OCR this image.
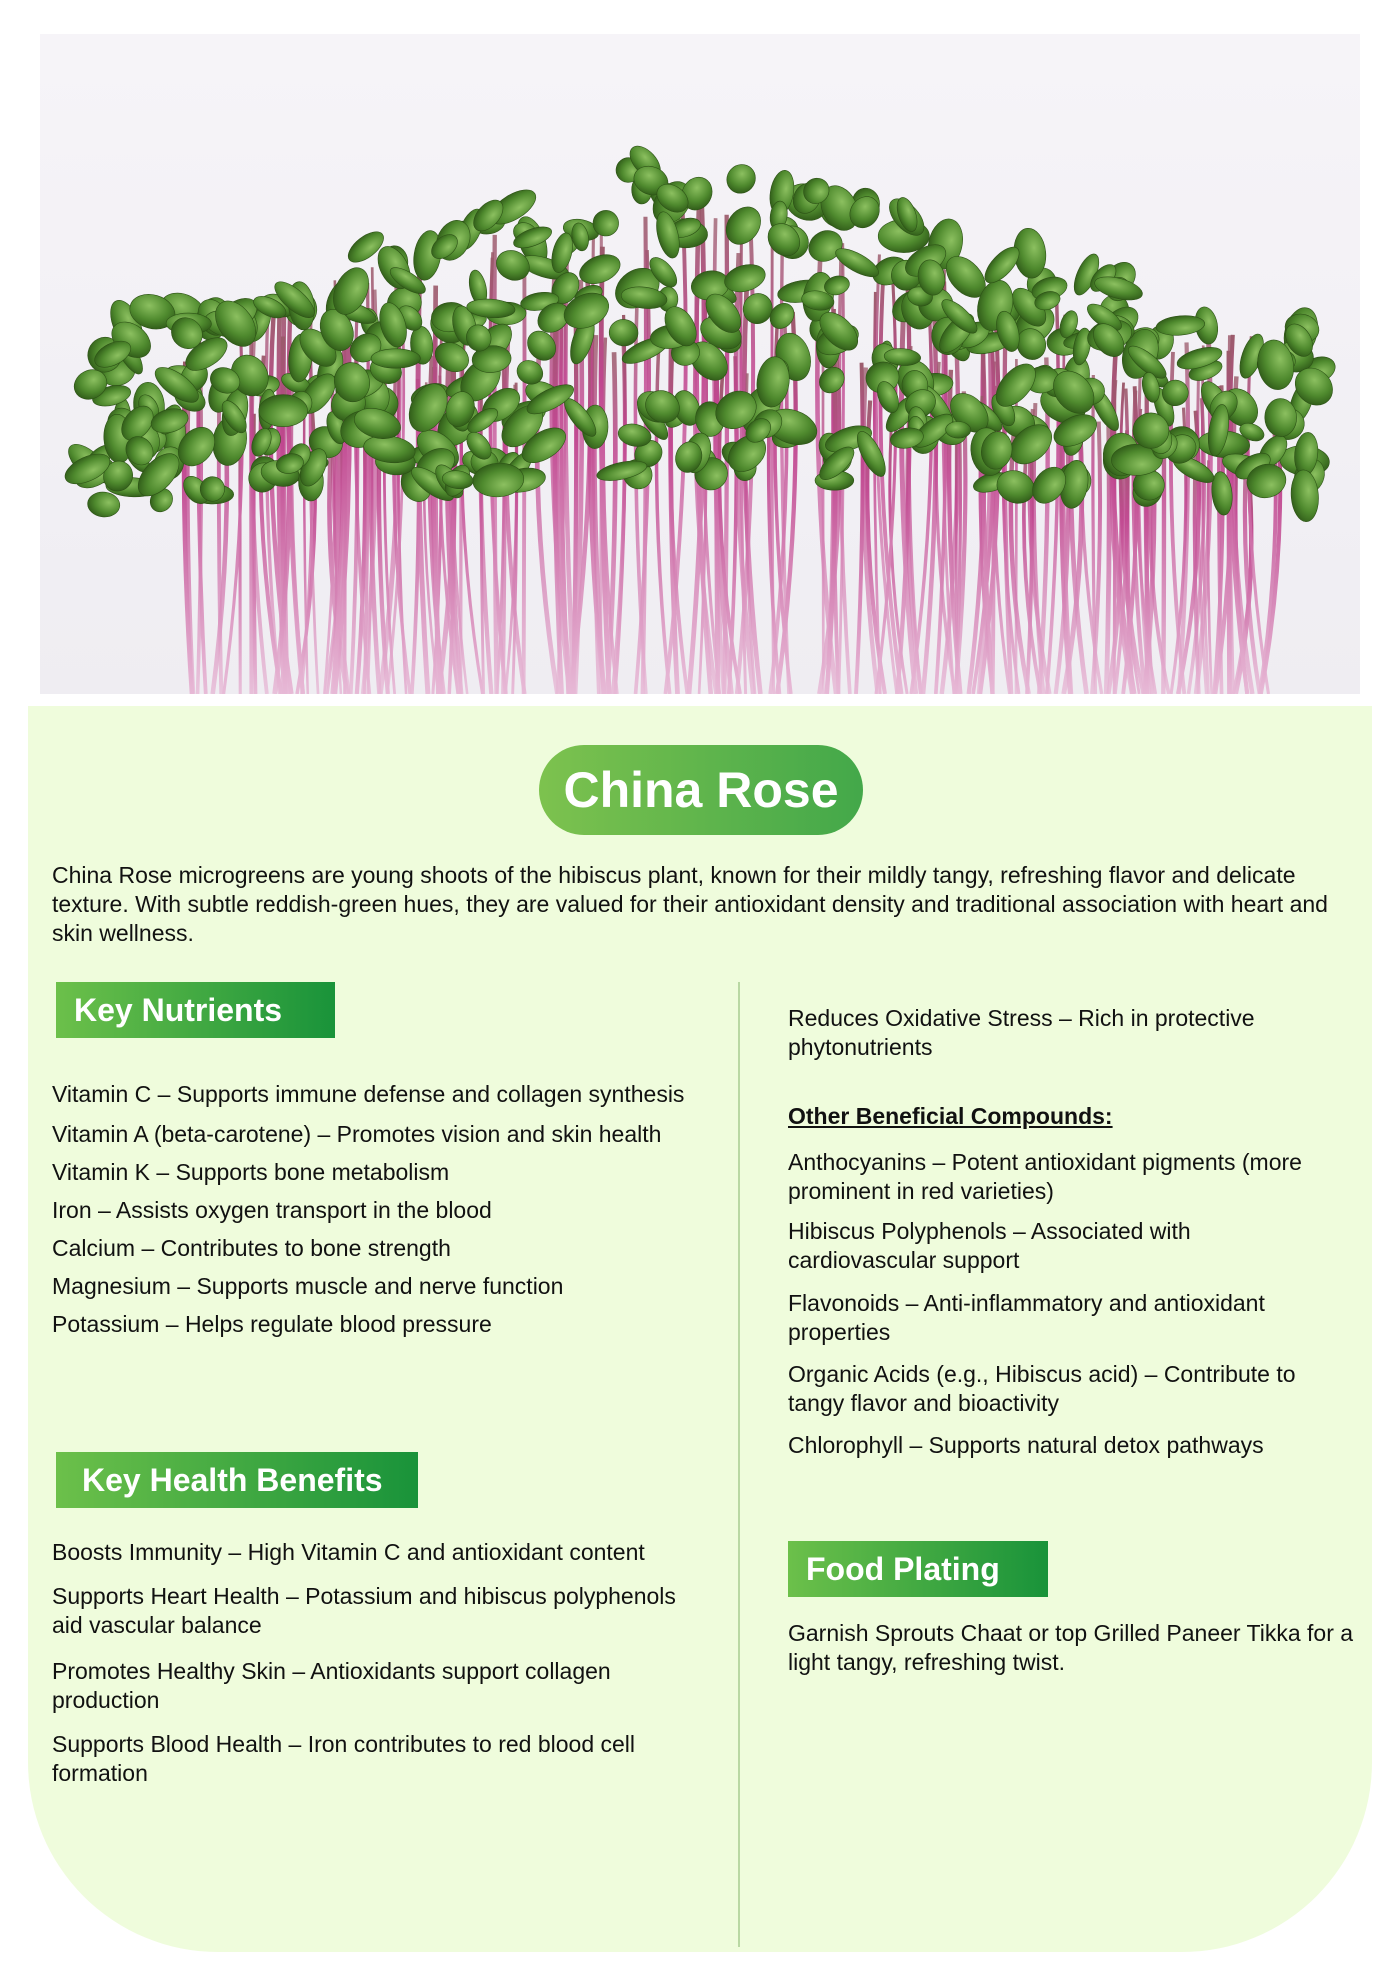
China Rose

China Rose microgreens are young shoots of the hibiscus plant, known for their mildly tangy, refreshing flavor and delicate texture. With subtle reddish-green hues, they are valued for their antioxidant density and traditional association with heart and skin wellness.

Key Nutrients
Vitamin C – Supports immune defense and collagen synthesis
Vitamin A (beta-carotene) – Promotes vision and skin health
Vitamin K – Supports bone metabolism
Iron – Assists oxygen transport in the blood
Calcium – Contributes to bone strength
Magnesium – Supports muscle and nerve function
Potassium – Helps regulate blood pressure
Key Health Benefits
Boosts Immunity – High Vitamin C and antioxidant content
Supports Heart Health – Potassium and hibiscus polyphenols aid vascular balance
Promotes Healthy Skin – Antioxidants support collagen production
Supports Blood Health – Iron contributes to red blood cell formation

Reduces Oxidative Stress – Rich in protective phytonutrients

Other Beneficial Compounds:

Anthocyanins – Potent antioxidant pigments (more prominent in red varieties)
Hibiscus Polyphenols – Associated with cardiovascular support
Flavonoids – Anti-inflammatory and antioxidant properties
Organic Acids (e.g., Hibiscus acid) – Contribute to tangy flavor and bioactivity
Chlorophyll – Supports natural detox pathways
Food Plating

Garnish Sprouts Chaat or top Grilled Paneer Tikka for a light tangy, refreshing twist.
